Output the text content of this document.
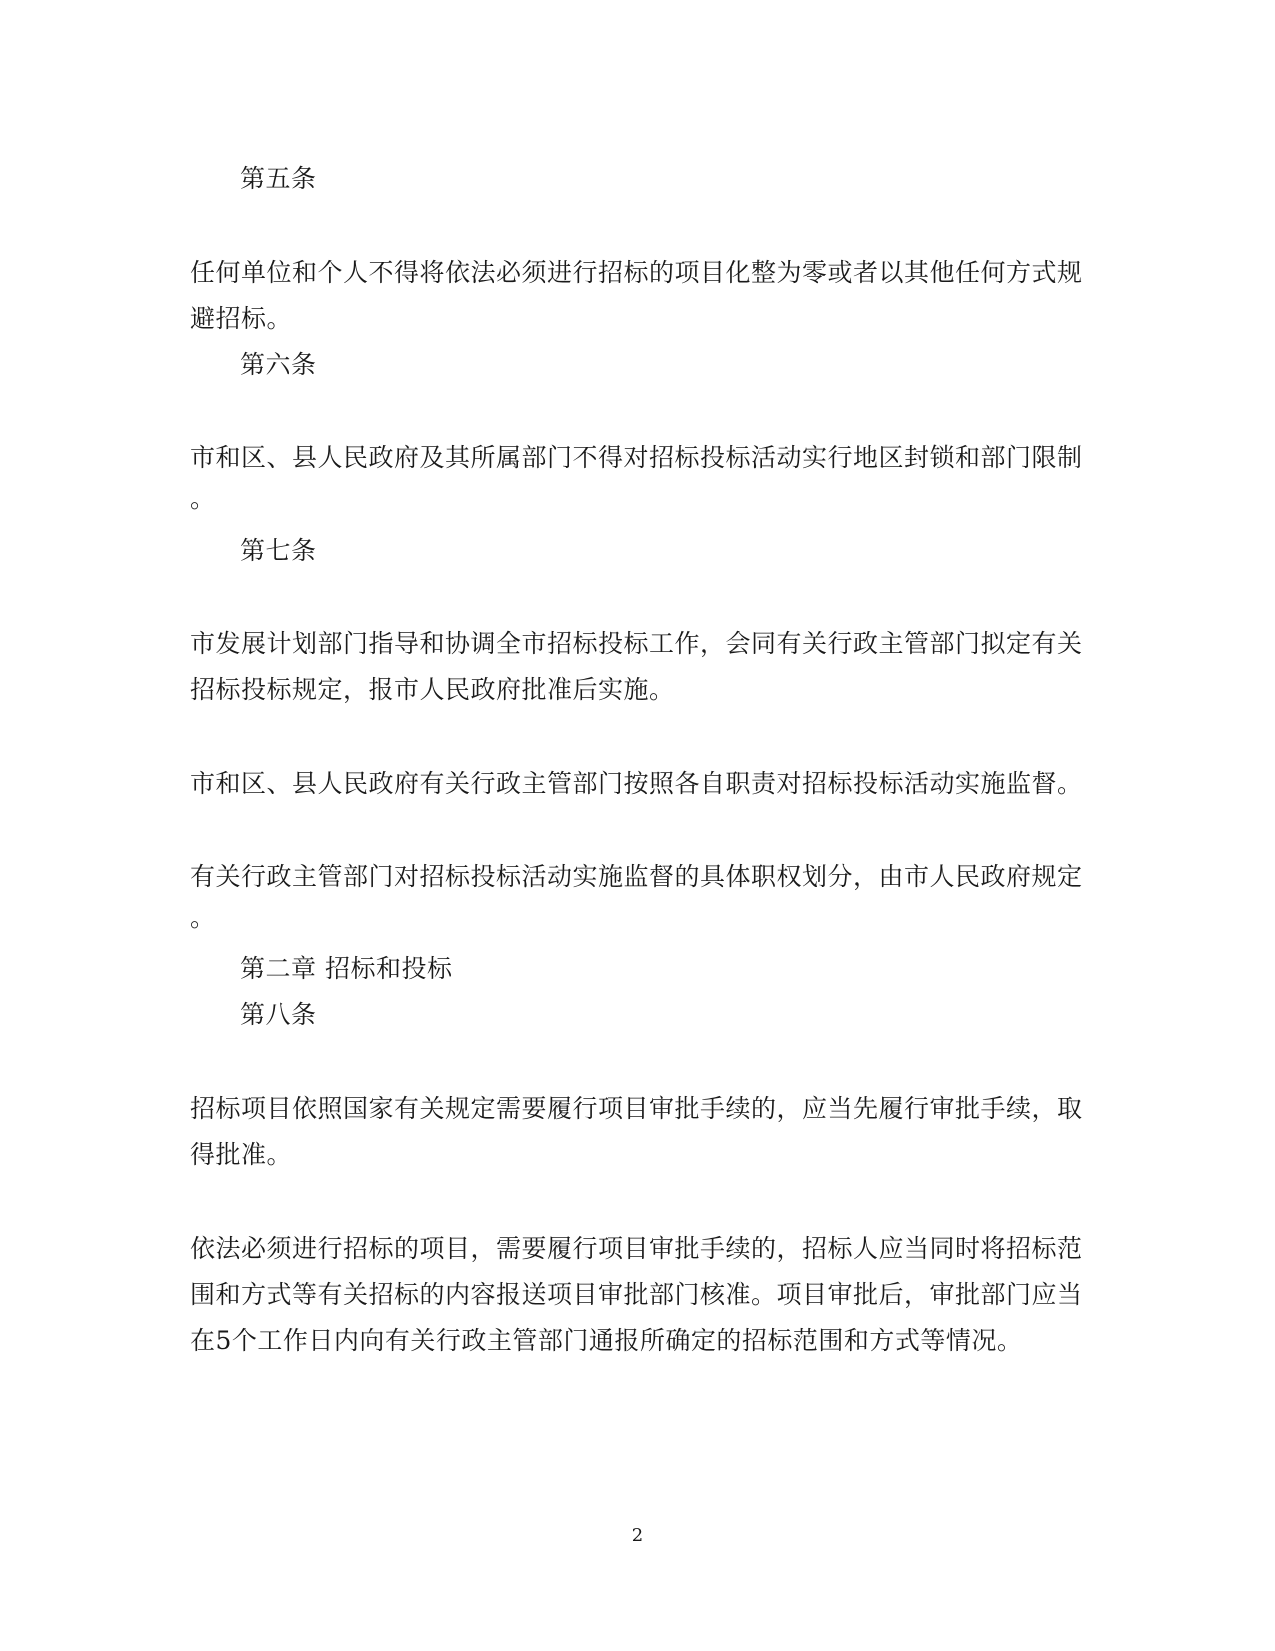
第五条
任何单位和个人不得将依法必须进行招标的项目化整为零或者以其他任何方式规
避招标。
第六条
市和区、县人民政府及其所属部门不得对招标投标活动实行地区封锁和部门限制
。
第七条
市发展计划部门指导和协调全市招标投标工作，会同有关行政主管部门拟定有关
招标投标规定，报市人民政府批准后实施。
市和区、县人民政府有关行政主管部门按照各自职责对招标投标活动实施监督。
有关行政主管部门对招标投标活动实施监督的具体职权划分，由市人民政府规定
。
第二章 招标和投标
第八条
招标项目依照国家有关规定需要履行项目审批手续的，应当先履行审批手续，取
得批准。
依法必须进行招标的项目，需要履行项目审批手续的，招标人应当同时将招标范
围和方式等有关招标的内容报送项目审批部门核准。项目审批后，审批部门应当
在5个工作日内向有关行政主管部门通报所确定的招标范围和方式等情况。
2
